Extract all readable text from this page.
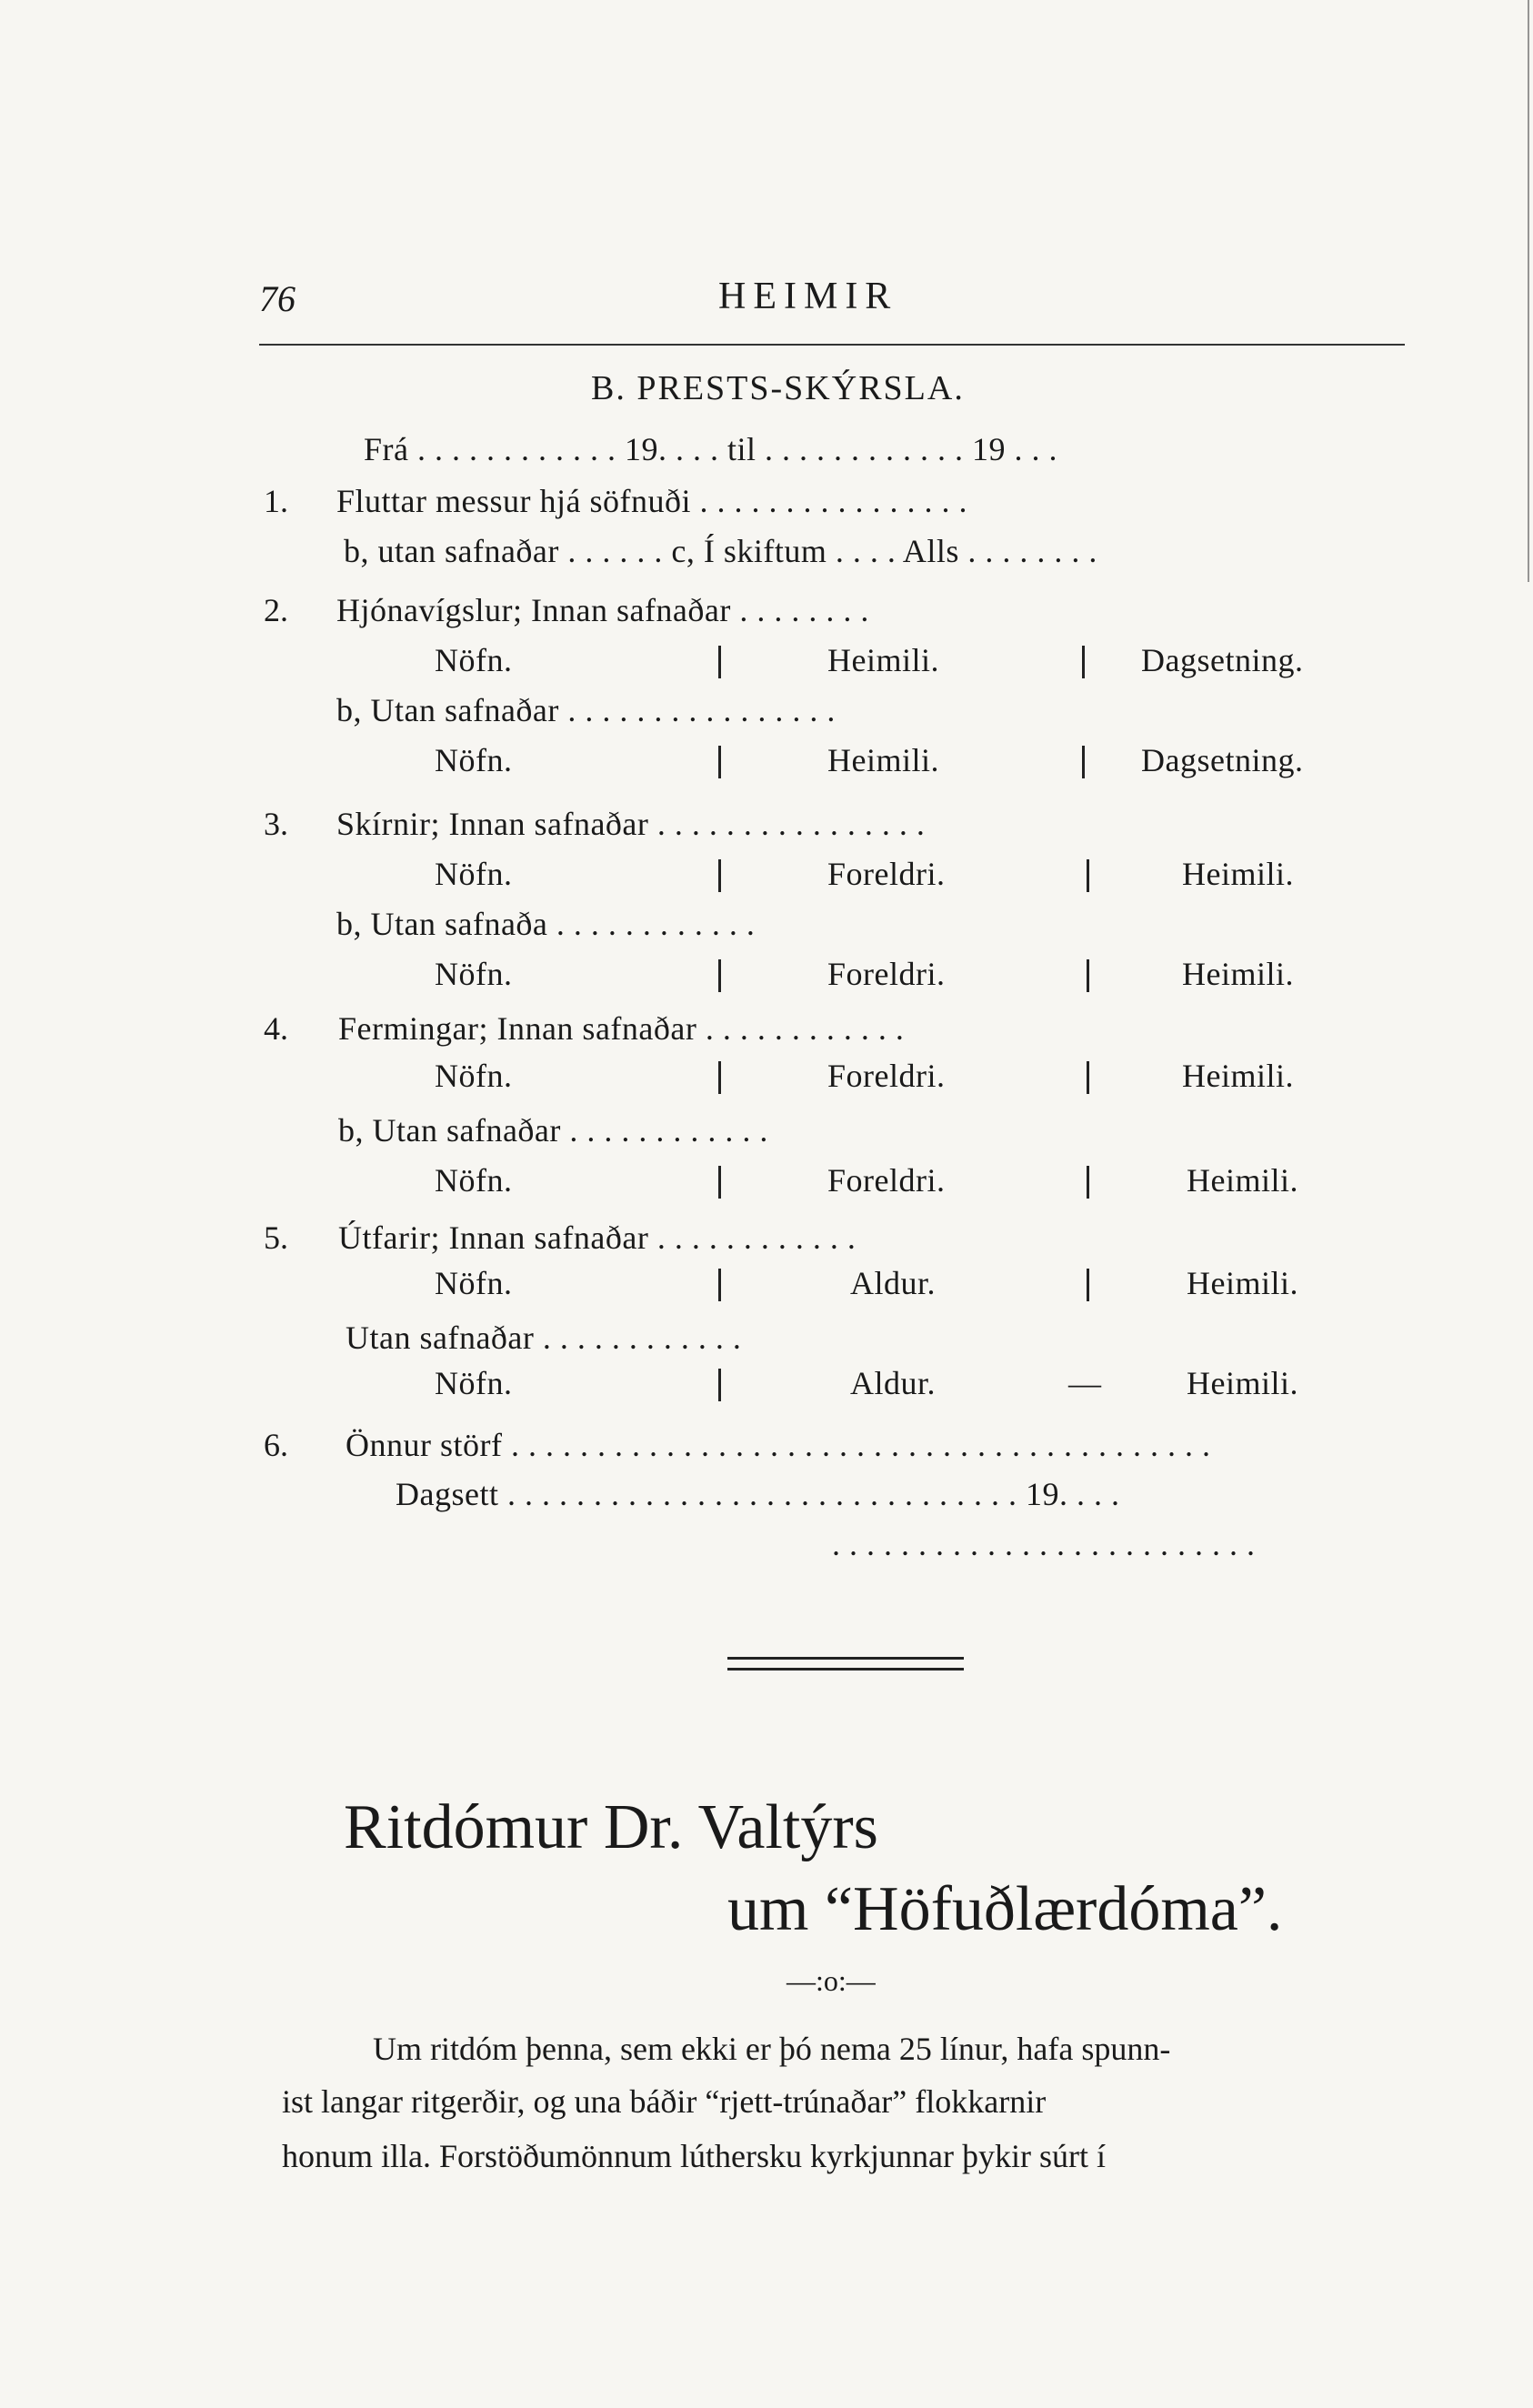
76	HEIMIR
B. PRESTS-SKÝRSLA.
Frá . . . . . . . . . . . . 19. . . . til . . . . . . . . . . . . 19 . . .
1. Fluttar messur hjá söfnuði . . . . . . . . . . . . . . . .
b, utan safnaðar . . . . . . c, Í skiftum . . . . Alls . . . . . . . .
2. Hjónavígslur; Innan safnaðar . . . . . . . .
Nöfn.	Heimili.	Dagsetning.
b, Utan safnaðar . . . . . . . . . . . . . . . .
Nöfn.	Heimili.	Dagsetning.
3. Skírnir; Innan safnaðar . . . . . . . . . . . . . . . .
Nöfn.	Foreldri.	Heimili.
b, Utan safnaða . . . . . . . . . . . .
Nöfn.	Foreldri.	Heimili.
4. Fermingar; Innan safnaðar . . . . . . . . . . . .
Nöfn.	Foreldri.	Heimili.
b, Utan safnaðar . . . . . . . . . . . .
Nöfn.	Foreldri.	Heimili.
5. Útfarir; Innan safnaðar . . . . . . . . . . . .
Nöfn.	Aldur.	Heimili.
Utan safnaðar . . . . . . . . . . . .
Nöfn.	Aldur.	—	Heimili.
6. Önnur störf . . . . . . . . . . . . . . . . . . . . . . . . . . . . . . . . . . . . . . . . .
Dagsett . . . . . . . . . . . . . . . . . . . . . . . . . . . . . . 19. . . .
. . . . . . . . . . . . . . . . . . . . . . . . .
Ritdómur Dr. Valtýrs
um “Höfuðlærdóma”.
—:o:—
Um ritdóm þenna, sem ekki er þó nema 25 línur, hafa spunn-
ist langar ritgerðir, og una báðir “rjett-trúnaðar” flokkarnir
honum illa. Forstöðumönnum lúthersku kyrkjunnar þykir súrt í
